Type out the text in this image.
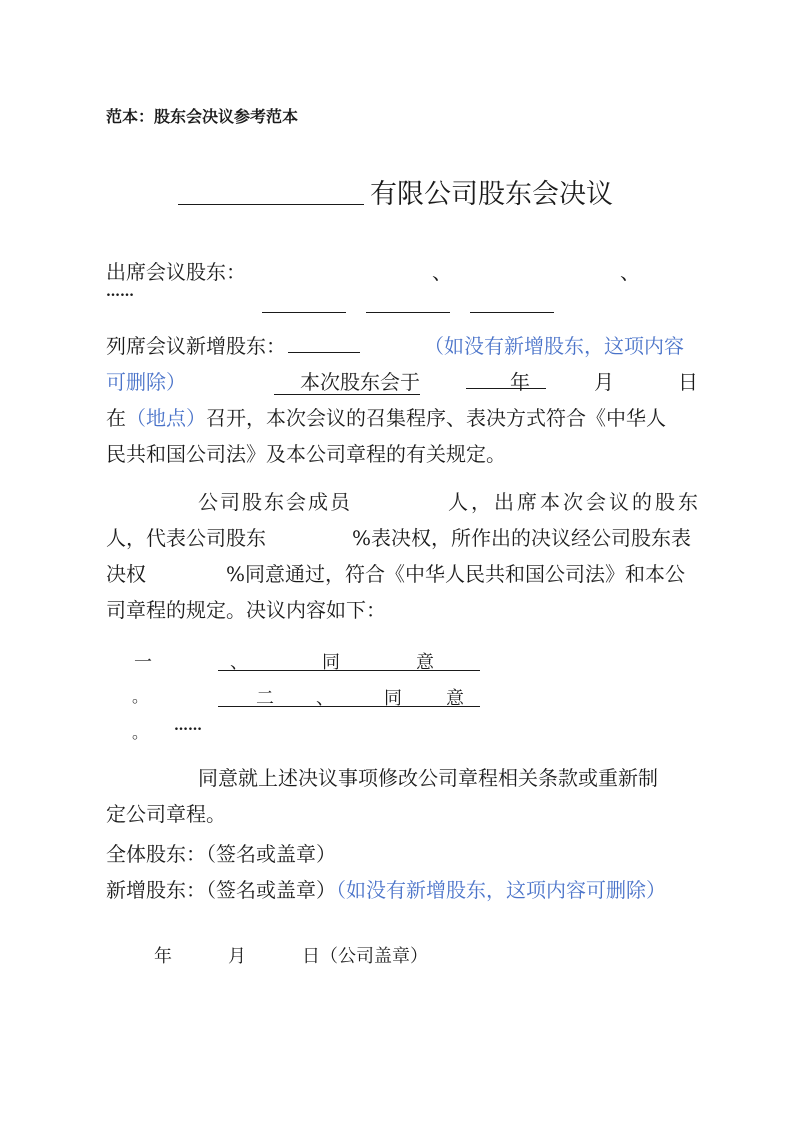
范本：股东会决议参考范本
有限公司股东会决议
出席会议股东：	、	、
……
列席会议新增股东：	（如没有新增股东，这项内容
可删除）	本次股东会于	年	月	日
在（地点）召开，本次会议的召集程序、表决方式符合《中华人
民共和国公司法》及本公司章程的有关规定。
公司股东会成员	人，出席本次会议的股东
人，代表公司股东	%表决权，所作出的决议经公司股东表
决权	%同意通过，符合《中华人民共和国公司法》和本公
司章程的规定。决议内容如下：
一	、	同	意
。	二 、	同 意
。 ……
同意就上述决议事项修改公司章程相关条款或重新制
定公司章程。
全体股东：（签名或盖章）
新增股东：（签名或盖章）（如没有新增股东，这项内容可删除）
年	月	日（公司盖章）
